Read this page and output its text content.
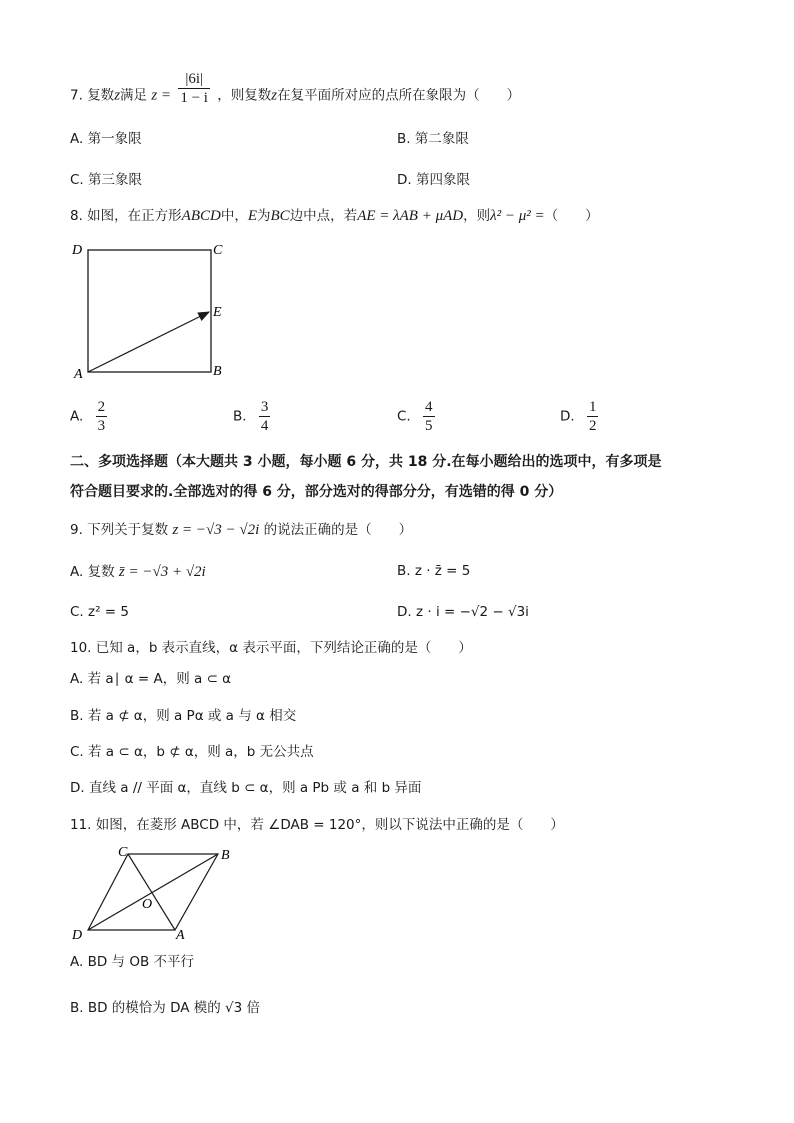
7. 复数z满足 $z = \frac{|6i|}{1 - i}$ ，则复数z在复平面所对应的点所在象限为（　　）
A. 第一象限	B. 第二象限
C. 第三象限	D. 第四象限
8. 如图，在正方形ABCD中，E为BC边中点，若AE = λAB + μAD，则λ² − μ² =（　　）
D	C
E
A	B
A. $\frac{2}{3}$	B. $\frac{3}{4}$	C. $\frac{4}{5}$	D. $\frac{1}{2}$
二、多项选择题（本大题共 3 小题，每小题 6 分，共 18 分.在每小题给出的选项中，有多项是
符合题目要求的.全部选对的得 6 分，部分选对的得部分分，有选错的得 0 分）
9. 下列关于复数 z = −√3 − √2i 的说法正确的是（　　）
A. 复数 z̄ = −√3 + √2i	B. z · z̄ = 5
C. z² = 5	D. z · i = −√2 − √3i
10. 已知 a，b 表示直线，α 表示平面，下列结论正确的是（　　）
A. 若 a∣ α = A，则 a ⊂ α
B. 若 a ⊄ α，则 a Pα 或 a 与 α 相交
C. 若 a ⊂ α，b ⊄ α，则 a，b 无公共点
D. 直线 a // 平面 α，直线 b ⊂ α，则 a Pb 或 a 和 b 异面
11. 如图，在菱形 ABCD 中，若 ∠DAB = 120°，则以下说法中正确的是（　　）
C	B
O
D	A
A. BD 与 OB 不平行
B. BD 的模恰为 DA 模的 √3 倍
